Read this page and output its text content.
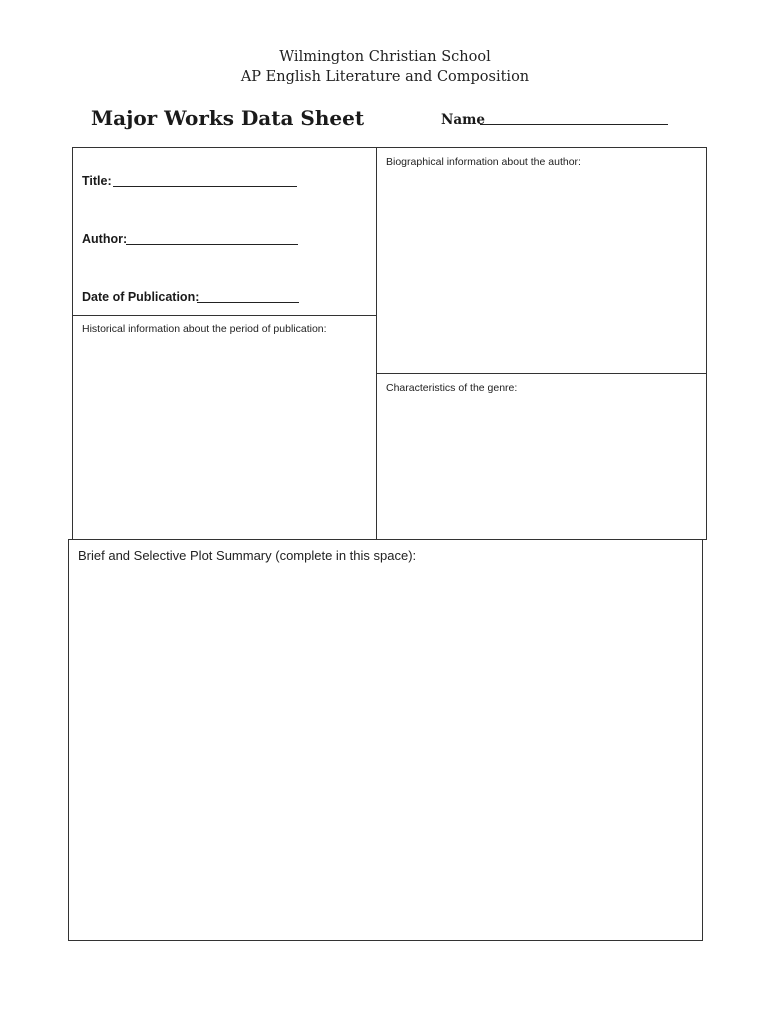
Wilmington Christian School
AP English Literature and Composition
Major Works Data Sheet	Name
Title:
Author:
Date of Publication:
Biographical information about the author:
Historical information about the period of publication:
Characteristics of the genre:
Brief and Selective Plot Summary (complete in this space):
